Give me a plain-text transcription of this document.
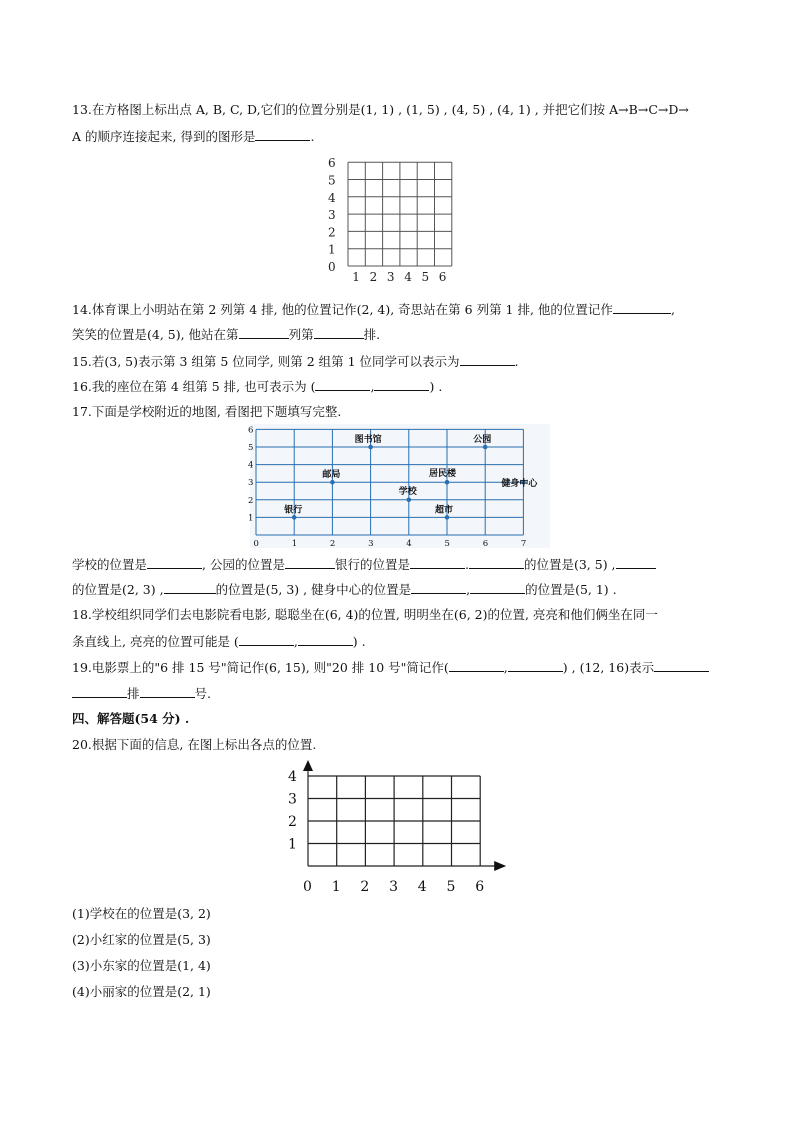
13.在方格图上标出点 A, B, C, D,它们的位置分别是(1, 1) , (1, 5) , (4, 5) , (4, 1) , 并把它们按 A→B→C→D→
A 的顺序连接起来, 得到的图形是	.
0
1
2
3
4
5
6
1 2 3 4 5 6
14.体育课上小明站在第 2 列第 4 排, 他的位置记作(2, 4), 奇思站在第 6 列第 1 排, 他的位置记作	,
笑笑的位置是(4, 5), 他站在第	列第	排.
15.若(3, 5)表示第 3 组第 5 位同学, 则第 2 组第 1 位同学可以表示为	.
16.我的座位在第 4 组第 5 排, 也可表示为 (	,	) .
17.下面是学校附近的地图, 看图把下题填写完整.
6
5
4
3
2
1
0	1	2	3	4	5	6	7
图书馆	公园
邮局	居民楼
学校
健身中心
银行	超市
学校的位置是	, 公园的位置是	银行的位置是	.	的位置是(3, 5) ,
的位置是(2, 3) ,	的位置是(5, 3) , 健身中心的位置是	,	的位置是(5, 1) .
18.学校组织同学们去电影院看电影, 聪聪坐在(6, 4)的位置, 明明坐在(6, 2)的位置, 亮亮和他们俩坐在同一
条直线上, 亮亮的位置可能是 (	,	) .
19.电影票上的"6 排 15 号"简记作(6, 15), 则"20 排 10 号"简记作(	,	) , (12, 16)表示
排	号.
四、解答题(54 分) .
20.根据下面的信息, 在图上标出各点的位置.
4
3
2
1
0 1 2 3 4 5 6
(1)学校在的位置是(3, 2)
(2)小红家的位置是(5, 3)
(3)小东家的位置是(1, 4)
(4)小丽家的位置是(2, 1)
